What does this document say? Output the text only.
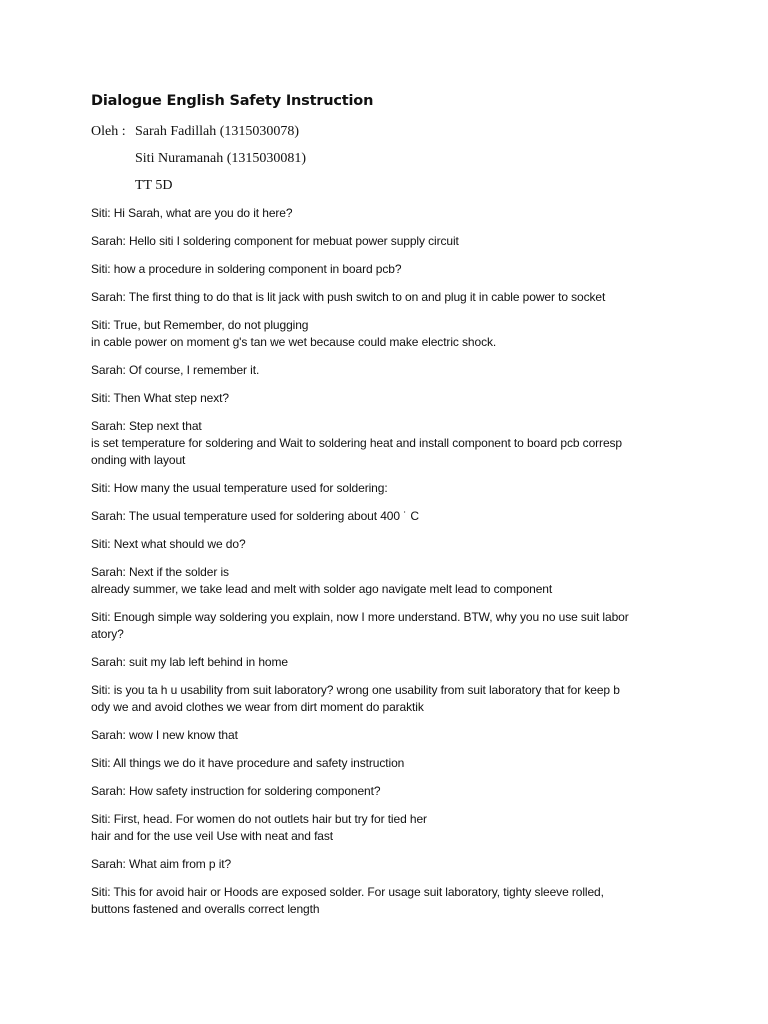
Dialogue English Safety Instruction
Oleh : Sarah Fadillah (1315030078)
Siti Nuramanah (1315030081)
TT 5D

Siti: Hi Sarah, what are you do it here?

Sarah: Hello siti I soldering component for mebuat power supply circuit

Siti: how a procedure in soldering component in board pcb?

Sarah: The first thing to do that is lit jack with push switch to on and plug it in cable power to socket

Siti: True, but Remember, do not plugging
in cable power on moment g's tan we wet because could make electric shock.

Sarah: Of course, I remember it.

Siti: Then What step next?

Sarah: Step next that
is set temperature for soldering and Wait to soldering heat and install component to board pcb corresp
onding with layout

Siti: How many the usual temperature used for soldering:

Sarah: The usual temperature used for soldering about 400 ˙ C

Siti: Next what should we do?

Sarah: Next if the solder is
already summer, we take lead and melt with solder ago navigate melt lead to component

Siti: Enough simple way soldering you explain, now I more understand. BTW, why you no use suit labor
atory?

Sarah: suit my lab left behind in home

Siti: is you ta h u usability from suit laboratory? wrong one usability from suit laboratory that for keep b
ody we and avoid clothes we wear from dirt moment do paraktik

Sarah: wow I new know that

Siti: All things we do it have procedure and safety instruction

Sarah: How safety instruction for soldering component?

Siti: First, head. For women do not outlets hair but try for tied her
hair and for the use veil Use with neat and fast

Sarah: What aim from p it?

Siti: This for avoid hair or Hoods are exposed solder. For usage suit laboratory, tighty sleeve rolled,
buttons fastened and overalls correct length
